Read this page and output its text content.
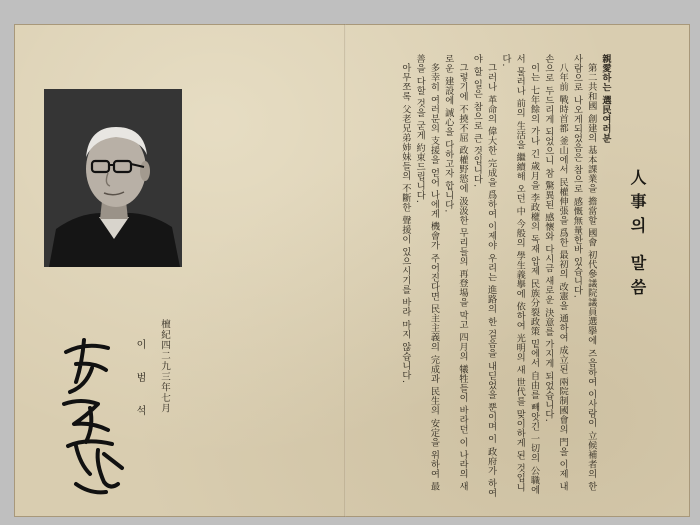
人事의 말씀

親愛하는 選民여러분

第二共和國 創建의 基本課業을 擔當할 國會 初代參議院議員選擧에 즈음하여 이사람이 立候補者의 한사람으로 나오게되었음은 참으로 感慨無量한바 있습니다.

八年前 戰時首都 釜山에서 民權伸張을 爲한 最初의 改憲을 通하여 成立된 兩院制國會의 門을 이제 내손으로 두드리게 되었으니 참 驚異된 感懷와 다시금 새로운 決意를 가지게 되었습니다.

이는 七年餘의 가나 긴 歲月을 李政權의 독재 압제 民族分裂政策 밑에서 自由를 빼앗긴 一切의 公職에서 물러나 前의 生活을 繼續해 오던 中 今般의 學生義擧에 依하여 光明의 새 世代를 맞이하게 된 것입니다.

그러나 革命의 偉大한 完成을 爲하여 이제야 우리는 進路의 한 걸음을 내딛었을 뿐이며 이 政府가 하여야 할 일은 참으로 큰 것입니다.

그렇기에 不撓不屈 政權野慾에 汲汲한 무리들의 再登場을 막고 四月의 犧牲들이 바라던 이 나라의 새로운 建設에 誠心을 다하고자 합니다.

多幸히 여러분의 支援을 얻어 나에게 機會가 주어진다면 民主主義의 完成과 民生의 安定을 위하여 最善을 다할 것을 굳게 約束드립니다.

아무쪼록 父老兄弟姉妹들의 不斷한 聲援이 있으시기를 바라 마지 않습니다.

檀紀四二九三年七月
이 범 석
